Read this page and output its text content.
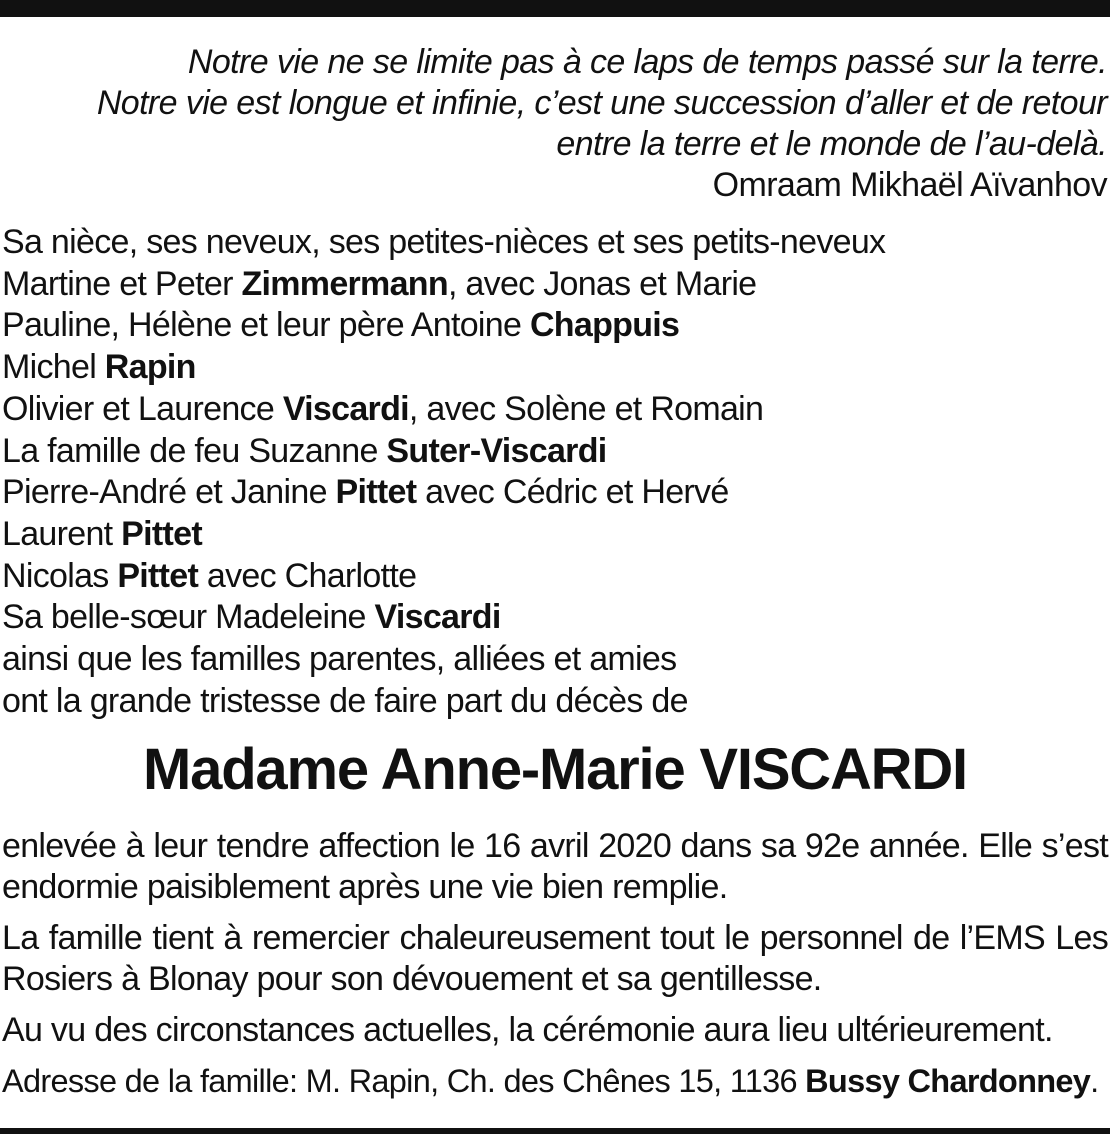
Notre vie ne se limite pas à ce laps de temps passé sur la terre.
Notre vie est longue et infinie, c’est une succession d’aller et de retour
entre la terre et le monde de l’au-delà.
Omraam Mikhaël Aïvanhov
Sa nièce, ses neveux, ses petites-nièces et ses petits-neveux
Martine et Peter Zimmermann, avec Jonas et Marie
Pauline, Hélène et leur père Antoine Chappuis
Michel Rapin
Olivier et Laurence Viscardi, avec Solène et Romain
La famille de feu Suzanne Suter-Viscardi
Pierre-André et Janine Pittet avec Cédric et Hervé
Laurent Pittet
Nicolas Pittet avec Charlotte
Sa belle-sœur Madeleine Viscardi
ainsi que les familles parentes, alliées et amies
ont la grande tristesse de faire part du décès de
Madame Anne-Marie VISCARDI

enlevée à leur tendre affection le 16 avril 2020 dans sa 92e année. Elle s’est endormie paisiblement après une vie bien remplie.

La famille tient à remercier chaleureusement tout le personnel de l’EMS Les Rosiers à Blonay pour son dévouement et sa gentillesse.

Au vu des circonstances actuelles, la cérémonie aura lieu ultérieurement.

Adresse de la famille: M. Rapin, Ch. des Chênes 15, 1136 Bussy Chardonney.
